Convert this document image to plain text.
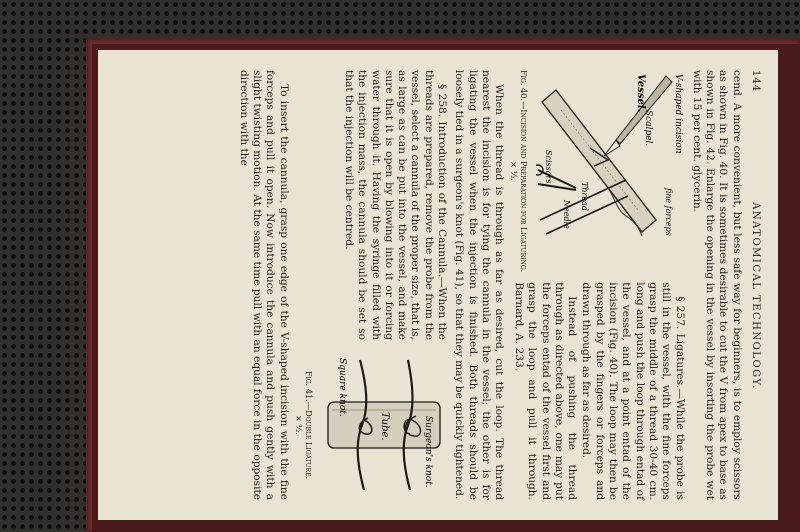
144
ANATOMICAL TECHNOLOGY.

cend. A more convenient, but less safe way for beginners, is to employ scissors as shown in Fig. 40. It is sometimes desirable to cut the V from apex to base as shown in Fig. 42. Enlarge the opening in the vessel by inserting the probe wet with 15 per cent. glycerin.

V-shaped incision
Vessel.
Scalpel.
Scissors
Thread
Needle	fine forceps
Fig. 40.—Incision and Preparation for Ligaturing.
× ½.

§ 257. Ligatures.—While the probe is still in the vessel, with the fine forceps grasp the middle of a thread 30-40 cm. long and push the loop through entad of the vessel, and at a point entad of the incision (Fig. 40). The loop may then be grasped by the fingers or forceps and drawn through as far as desired.

Instead of pushing the thread through as directed above, one may put the forceps entad of the vessel first and grasp the loop and pull it through. Barnard, A. 233.

When the thread is through as far as desired, cut the loop. The thread nearest the incision is for tying the cannula in the vessel; the other is for ligating the vessel when the injection is finished. Both threads should be loosely tied in a surgeon's knot (Fig. 41), so that they may be quickly tightened.

§ 258. Introduction of the Cannula.—When the threads are prepared, remove the probe from the vessel, select a cannula of the proper size, that is, as large as can be put into the vessel, and make sure that it is open by blowing into it or forcing water through it. Having the syringe filled with the injection mass, the cannula should be set so that the injection will be centred.

Tube.
Square knot.
Surgeon's knot.
Fig. 41.—Double Ligature.
× ½.

To insert the cannula, grasp one edge of the V-shaped incision with the fine forceps and pull it open. Now introduce the cannula and push gently with a slight twisting motion. At the same time pull with an equal force in the opposite direction with the
